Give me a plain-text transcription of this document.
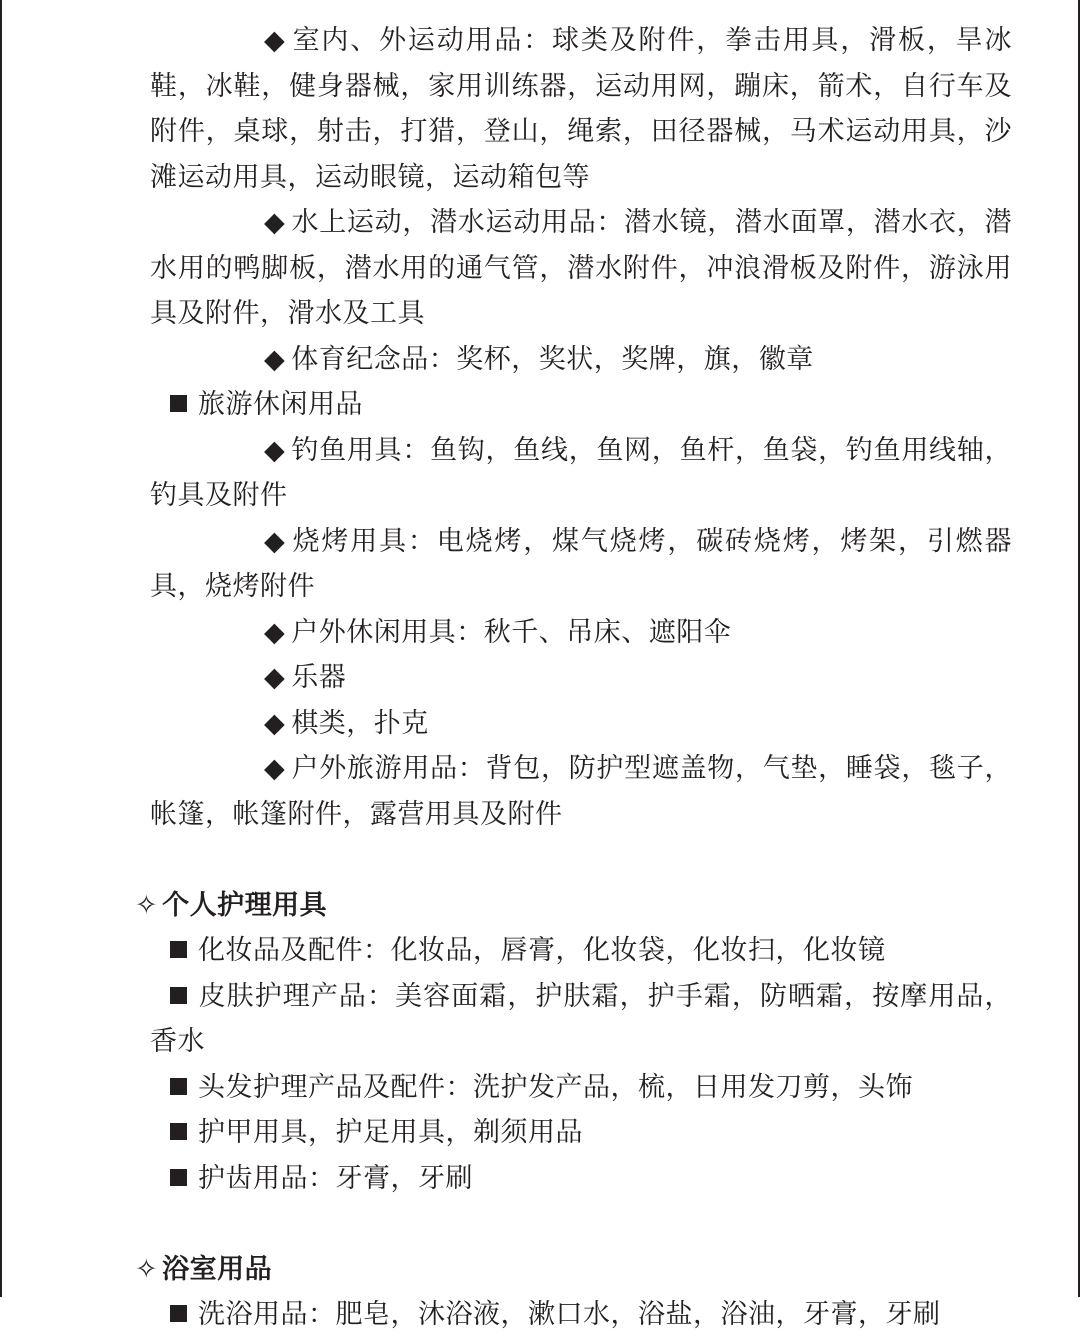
◆ 室内、外运动用品：球类及附件，拳击用具，滑板，旱冰鞋，冰鞋，健身器械，家用训练器，运动用网，蹦床，箭术，自行车及附件，桌球，射击，打猎，登山，绳索，田径器械，马术运动用具，沙滩运动用具，运动眼镜，运动箱包等

◆ 水上运动，潜水运动用品：潜水镜，潜水面罩，潜水衣，潜水用的鸭脚板，潜水用的通气管，潜水附件，冲浪滑板及附件，游泳用具及附件，滑水及工具

◆ 体育纪念品：奖杯，奖状，奖牌，旗，徽章

旅游休闲用品

◆ 钓鱼用具：鱼钩，鱼线，鱼网，鱼杆，鱼袋，钓鱼用线轴，钓具及附件

◆ 烧烤用具：电烧烤，煤气烧烤，碳砖烧烤，烤架，引燃器具，烧烤附件

◆ 户外休闲用具：秋千、吊床、遮阳伞

◆ 乐器

◆ 棋类，扑克

◆ 户外旅游用品：背包，防护型遮盖物，气垫，睡袋，毯子，帐篷，帐篷附件，露营用具及附件

✧ 个人护理用具

化妆品及配件：化妆品，唇膏，化妆袋，化妆扫，化妆镜

皮肤护理产品：美容面霜，护肤霜，护手霜，防晒霜，按摩用品，香水

头发护理产品及配件：洗护发产品，梳，日用发刀剪，头饰

护甲用具，护足用具，剃须用品

护齿用品：牙膏，牙刷

✧ 浴室用品

洗浴用品：肥皂，沐浴液，漱口水，浴盐，浴油，牙膏，牙刷
